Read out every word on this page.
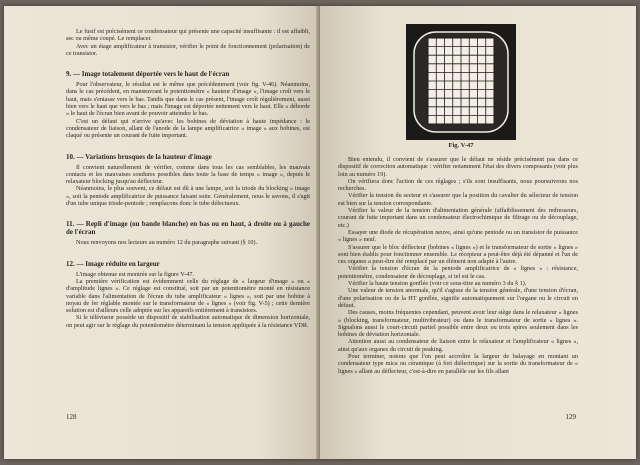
Le fusif est précisément ce condensateur qui présente une capacité insuffisante : il est affaibli, sec ou même coupé. Le remplacer.

Avec un étage amplificateur à transistor, vérifier le point de fonctionnement (polarisation) de ce transistor.

9. — Image totalement déportée vers le haut de l'écran

Pour l'observateur, le résultat est le même que précédemment (voir fig. V-46). Néanmoins, dans le cas précédent, en manœuvrant le potentiomètre « hauteur d'image », l'image croît vers le haut, mais s'entasse vers le bas. Tandis que dans le cas présent, l'image croît régulièrement, aussi bien vers le haut que vers le bas ; mais l'image est déportée nettement vers le haut. Elle « déborde » le haut de l'écran bien avant de pouvoir atteindre le bas.

C'est un défaut qui n'arrive qu'avec les bobines de déviation à haute impédance : le condensateur de liaison, allant de l'anode de la lampe amplificatrice « image » aux bobines, est claqué ou présente un courant de fuite important.

10. — Variations brusques de la hauteur d'image

Il convient naturellement de vérifier, comme dans tous les cas semblables, les mauvais contacts et les mauvaises soudures possibles dans toute la base de temps « image », depuis le relaxateur blocking jusqu'au déflecteur.

Néanmoins, le plus souvent, ce défaut est dû à une lampe, soit la triode du blocking « image », soit la pentode amplificatrice de puissance faisant suite. Généralement, nous le savons, il s'agit d'un tube unique triode-pentode ; remplacons donc le tube défectueux.

11. — Repli d'image (ou bande blanche) en bas ou en haut, à droite ou à gauche de l'écran

Nous renvoyons nos lecteurs au numéro 12 du paragraphe suivant (§ 10).

12. — Image réduite en largeur

L'image obtenue est montrée sur la figure V-47.

La première vérification est évidemment celle du réglage de « largeur d'image » ou « d'amplitude lignes ». Ce réglage est constitué, soit par un potentiomètre monté en résistance variable dans l'alimentation de l'écran du tube amplificateur « lignes », soit par une bobine à noyau de fer réglable montée sur le transformateur de « lignes » (voir fig. V-5) ; cette dernière solution est d'ailleurs celle adoptée sur les appareils entièrement à transistors.

Si le téléviseur possède un dispositif de stabilisation automatique de dimension horizontale, on peut agir sur le réglage du potentiomètre déterminant la tension appliquée à la résistance VDR.

128
Fig. V-47

Bien entendu, il convient de s'assurer que le défaut ne réside précisément pas dans ce dispositif de correction automatique : vérifier notamment l'état des divers composants (voir plus loin au numéro 19).

On vérifiera donc l'action de ces réglages ; s'ils sont insuffisants, nous poursuivrons nos recherches.

Vérifier la tension du secteur et s'assurer que la position du cavalier du sélecteur de tension est bien sur la tension correspondante.

Vérifier la valeur de la tension d'alimentation générale (affaiblissement des redresseurs, courant de fuite important dans un condensateur électrochimique de filtrage ou de découplage, etc.)

Essayer une diode de récupération neuve, ainsi qu'une pentode ou un transistor de puissance « lignes » neuf.

S'assurer que le bloc déflecteur (bobines « lignes ») et le transformateur de sortie « lignes » sont bien établis pour fonctionner ensemble. Le récepteur a peut-être déjà été dépanné et l'un de ces organes a peut-être été remplacé par un élément non adapté à l'autre.

Vérifier la tension d'écran de la pentode amplificatrice de « lignes » : résistance, potentiomètre, condensateur de découplage, si tel est le cas.

Vérifier la haute tension gonflée (voir ce sous-titre au numéro 3 du § 1).

Une valeur de tension anormale, qu'il s'agisse de la tension générale, d'une tension d'écran, d'une polarisation ou de la HT gonflée, signifie automatiquement sur l'organe ou le circuit en défaut.

Des causes, moins fréquentes cependant, peuvent avoir leur siège dans le relaxateur « lignes » (blocking, transformateur, multivibrateur) ou dans le transformateur de sortie « lignes ». Signalons aussi le court-circuit partiel possible entre deux ou trois spires seulement dans les bobines de déviation horizontale.

Attention aussi au condensateur de liaison entre le relaxateur et l'amplificateur « lignes », ainsi qu'aux organes du circuit de peaking.

Pour terminer, notons que l'on peut accroître la largeur de balayage en montant un condensateur type mica ou céramique (à fort diélectrique) sur la sortie du transformateur de « lignes » allant au déflecteur, c'est-à-dire en parallèle sur les fils allant

129
